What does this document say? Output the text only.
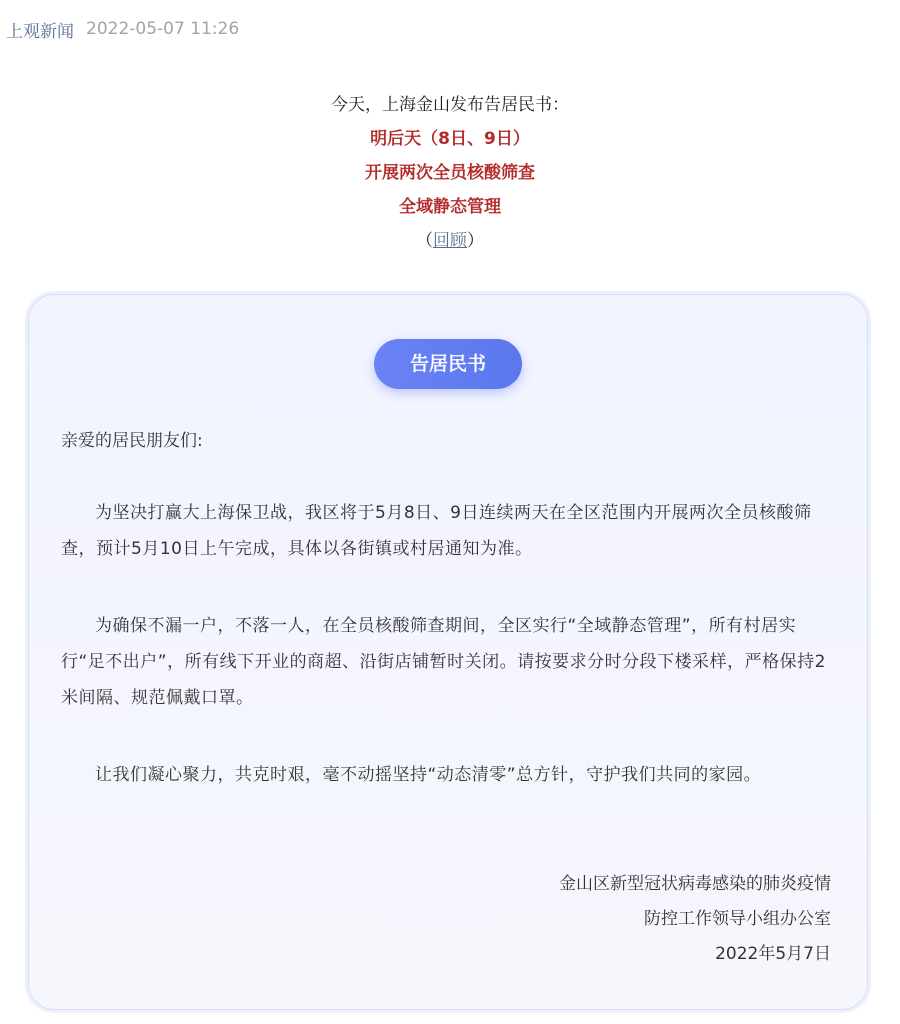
上观新闻 2022-05-07 11:26
今天，上海金山发布告居民书：
明后天（8日、9日）
开展两次全员核酸筛查
全域静态管理
（回顾）
告居民书
亲爱的居民朋友们:
为坚决打赢大上海保卫战，我区将于5月8日、9日连续两天在全区范围内开展两次全员核酸筛查，预计5月10日上午完成，具体以各街镇或村居通知为准。
为确保不漏一户，不落一人，在全员核酸筛查期间，全区实行“全域静态管理”，所有村居实行“足不出户”，所有线下开业的商超、沿街店铺暂时关闭。请按要求分时分段下楼采样，严格保持2米间隔、规范佩戴口罩。
让我们凝心聚力，共克时艰，毫不动摇坚持“动态清零”总方针，守护我们共同的家园。
金山区新型冠状病毒感染的肺炎疫情
防控工作领导小组办公室
2022年5月7日
